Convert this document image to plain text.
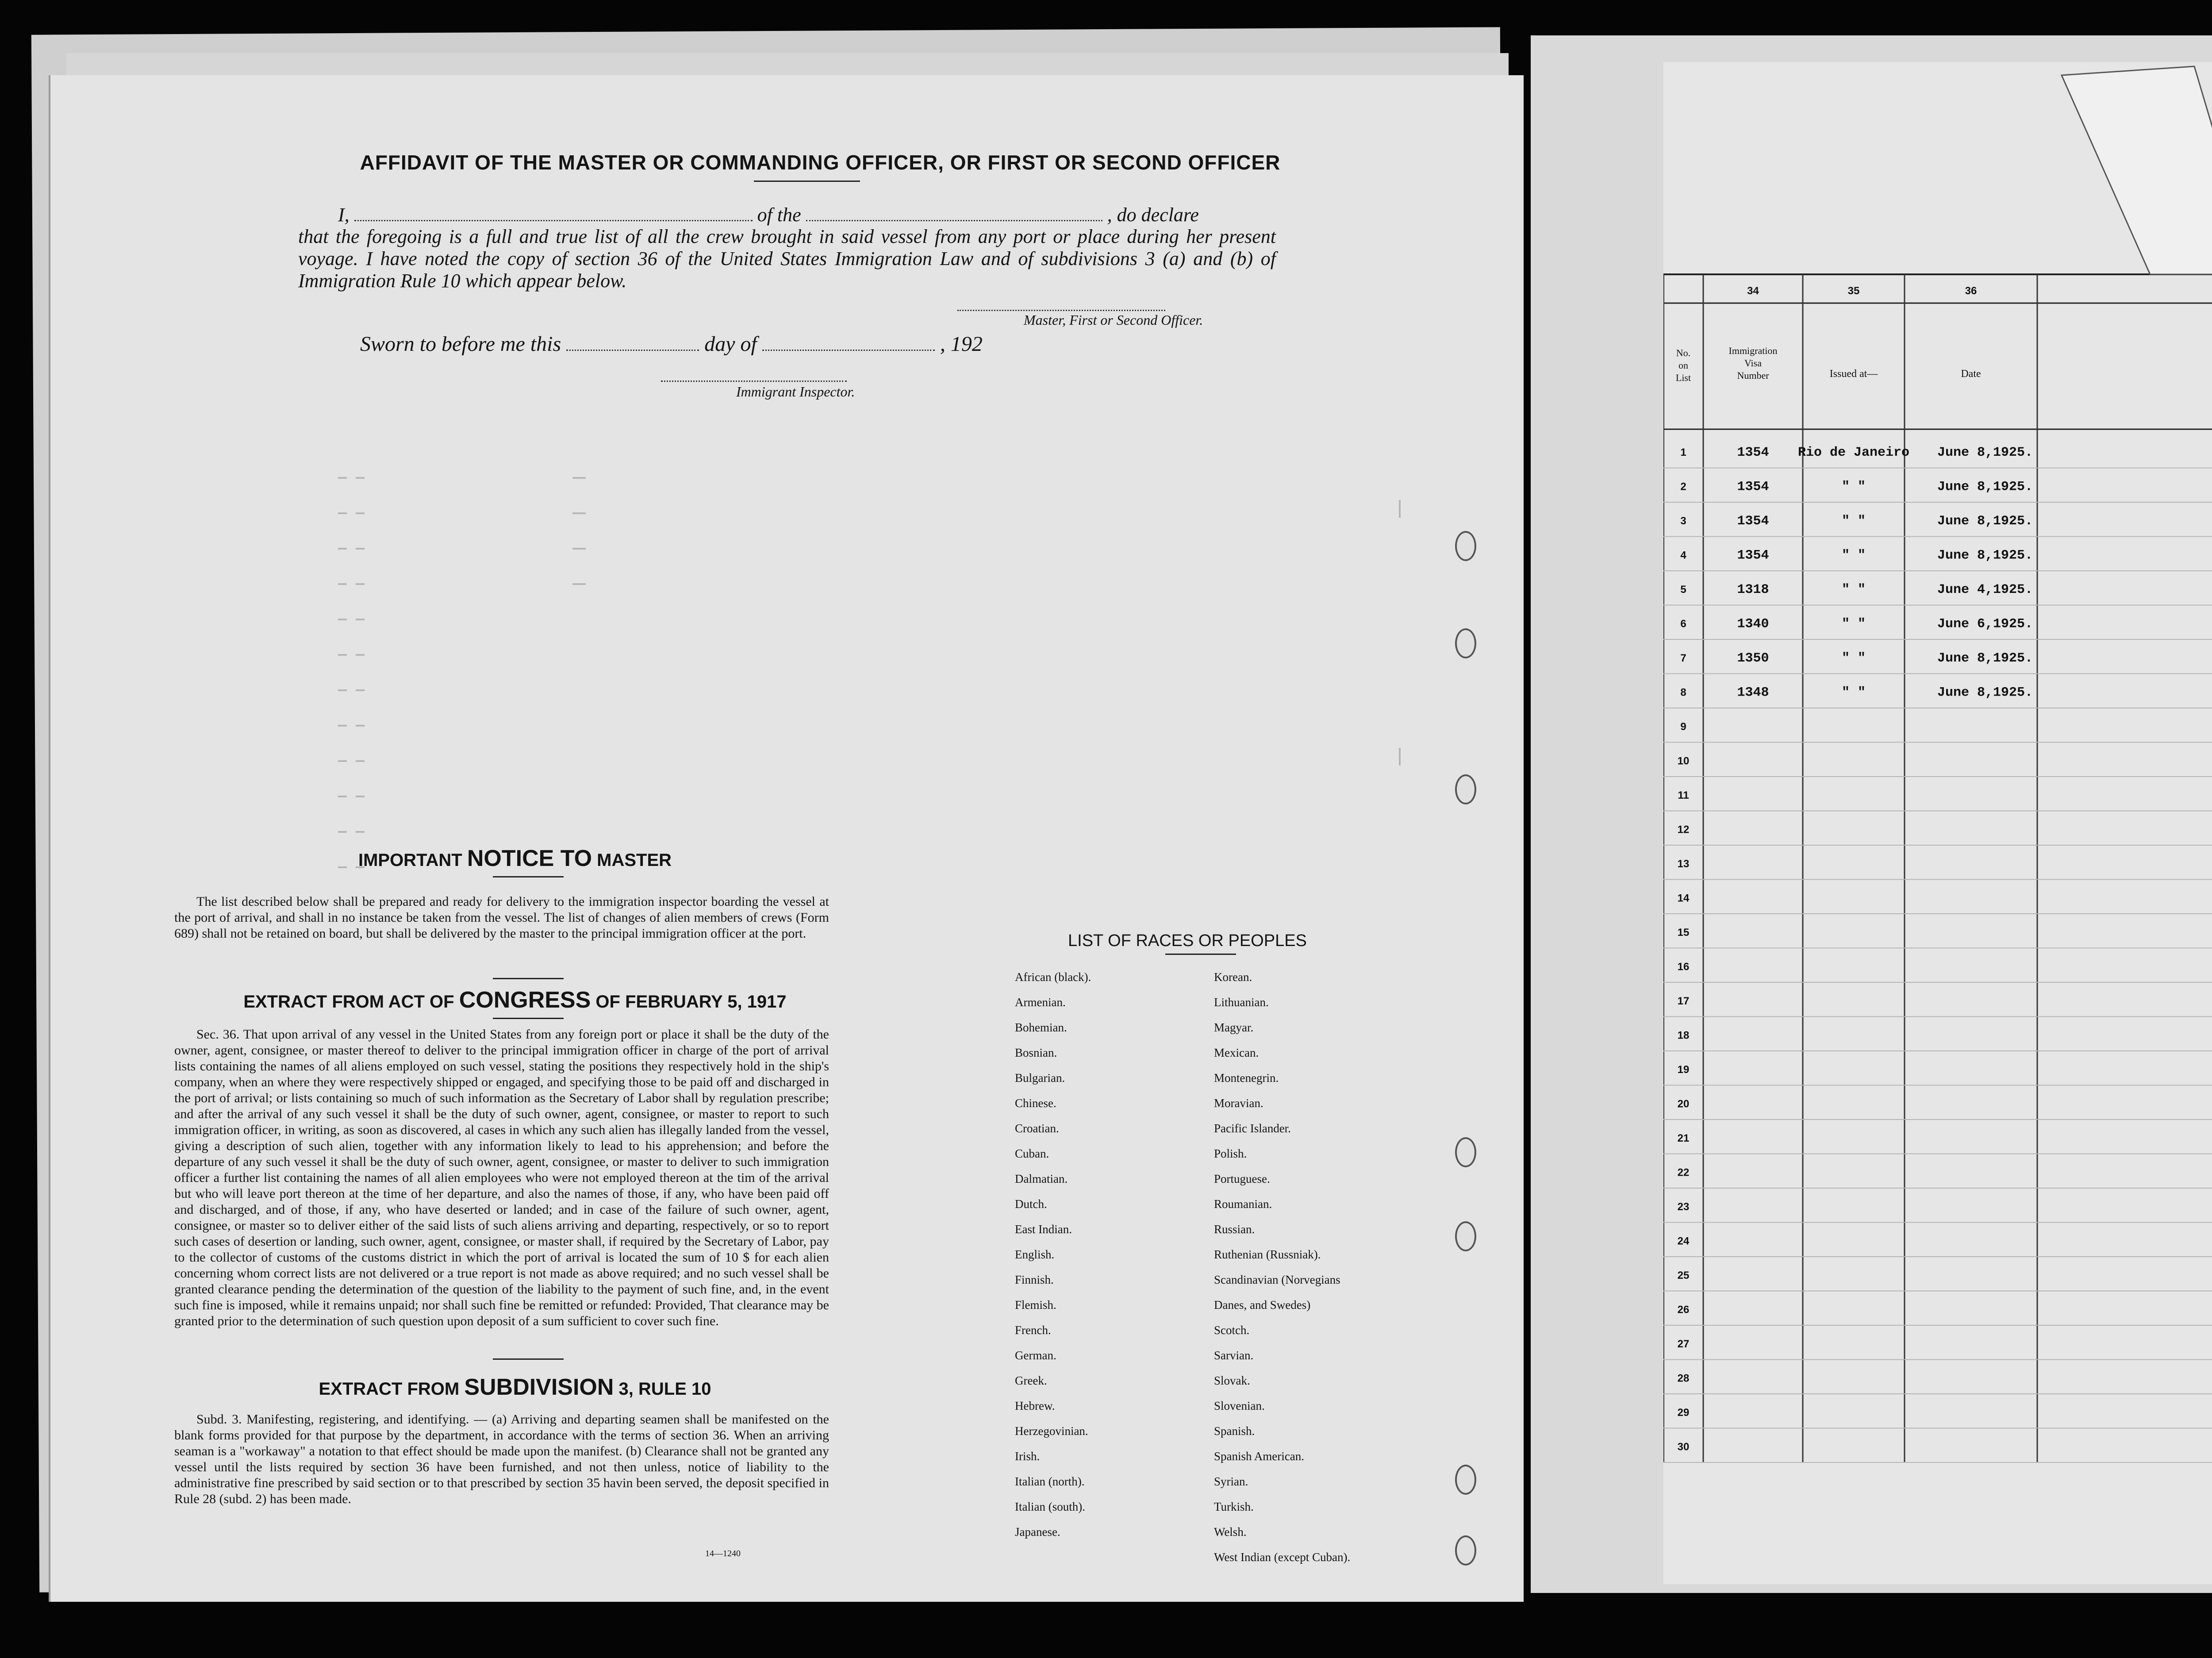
34	35	36
No.
on
List
Immigration
Visa
Number	Issued at—	Date
1	1354 Rio de Janeiro June 8,1925.
2	1354	" "	June 8,1925.
3	1354	" "	June 8,1925.
4	1354	" "	June 8,1925.
5	1318	" "	June 4,1925.
6	1340	" "	June 6,1925.
7	1350	" "	June 8,1925.
8	1348	" "	June 8,1925.
9
10
11
12
13
14
15
16
17
18
19
20
21
22
23
24
25
26
27
28
29
30
AFFIDAVIT OF THE MASTER OR COMMANDING OFFICER, OR FIRST OR SECOND OFFICER
I,	of the	, do declare
that the foregoing is a full and true list of all the crew brought in said vessel from any port or place during her present voyage. I have noted the copy of section 36 of the United States Immigration Law and of subdivisions 3 (a) and (b) of Immigration Rule 10 which appear below.
Master, First or Second Officer.
Sworn to before me this	day of	, 192
Immigrant Inspector.
IMPORTANT NOTICE TO MASTER
The list described below shall be prepared and ready for delivery to the immigration inspector boarding the vessel at the port of arrival, and shall in no instance be taken from the vessel. The list of changes of alien members of crews (Form 689) shall not be retained on board, but shall be delivered by the master to the principal immigration officer at the port.
EXTRACT FROM ACT OF CONGRESS OF FEBRUARY 5, 1917
Sec. 36. That upon arrival of any vessel in the United States from any foreign port or place it shall be the duty of the owner, agent, consignee, or master thereof to deliver to the principal immigration officer in charge of the port of arrival lists containing the names of all aliens employed on such vessel, stating the positions they respectively hold in the ship's company, when an where they were respectively shipped or engaged, and specifying those to be paid off and discharged in the port of arrival; or lists containing so much of such information as the Secretary of Labor shall by regulation prescribe; and after the arrival of any such vessel it shall be the duty of such owner, agent, consignee, or master to report to such immigration officer, in writing, as soon as discovered, al cases in which any such alien has illegally landed from the vessel, giving a description of such alien, together with any information likely to lead to his apprehension; and before the departure of any such vessel it shall be the duty of such owner, agent, consignee, or master to deliver to such immigration officer a further list containing the names of all alien employees who were not employed thereon at the tim of the arrival but who will leave port thereon at the time of her departure, and also the names of those, if any, who have been paid off and discharged, and of those, if any, who have deserted or landed; and in case of the failure of such owner, agent, consignee, or master so to deliver either of the said lists of such aliens arriving and departing, respectively, or so to report such cases of desertion or landing, such owner, agent, consignee, or master shall, if required by the Secretary of Labor, pay to the collector of customs of the customs district in which the port of arrival is located the sum of 10 $ for each alien concerning whom correct lists are not delivered or a true report is not made as above required; and no such vessel shall be granted clearance pending the determination of the question of the liability to the payment of such fine, and, in the event such fine is imposed, while it remains unpaid; nor shall such fine be remitted or refunded: Provided, That clearance may be granted prior to the determination of such question upon deposit of a sum sufficient to cover such fine.
EXTRACT FROM SUBDIVISION 3, RULE 10
Subd. 3. Manifesting, registering, and identifying. — (a) Arriving and departing seamen shall be manifested on the blank forms provided for that purpose by the department, in accordance with the terms of section 36. When an arriving seaman is a "workaway" a notation to that effect should be made upon the manifest. (b) Clearance shall not be granted any vessel until the lists required by section 36 have been furnished, and not then unless, notice of liability to the administrative fine prescribed by said section or to that prescribed by section 35 havin been served, the deposit specified in Rule 28 (subd. 2) has been made.
14—1240
LIST OF RACES OR PEOPLES
African (black).
Armenian.
Bohemian.
Bosnian.
Bulgarian.
Chinese.
Croatian.
Cuban.
Dalmatian.
Dutch.
East Indian.
English.
Finnish.
Flemish.
French.
German.
Greek.
Hebrew.
Herzegovinian.
Irish.
Italian (north).
Italian (south).
Japanese.
Korean.
Lithuanian.
Magyar.
Mexican.
Montenegrin.
Moravian.
Pacific Islander.
Polish.
Portuguese.
Roumanian.
Russian.
Ruthenian (Russniak).
Scandinavian (Norvegians
Danes, and Swedes)
Scotch.
Sarvian.
Slovak.
Slovenian.
Spanish.
Spanish American.
Syrian.
Turkish.
Welsh.
West Indian (except Cuban).
